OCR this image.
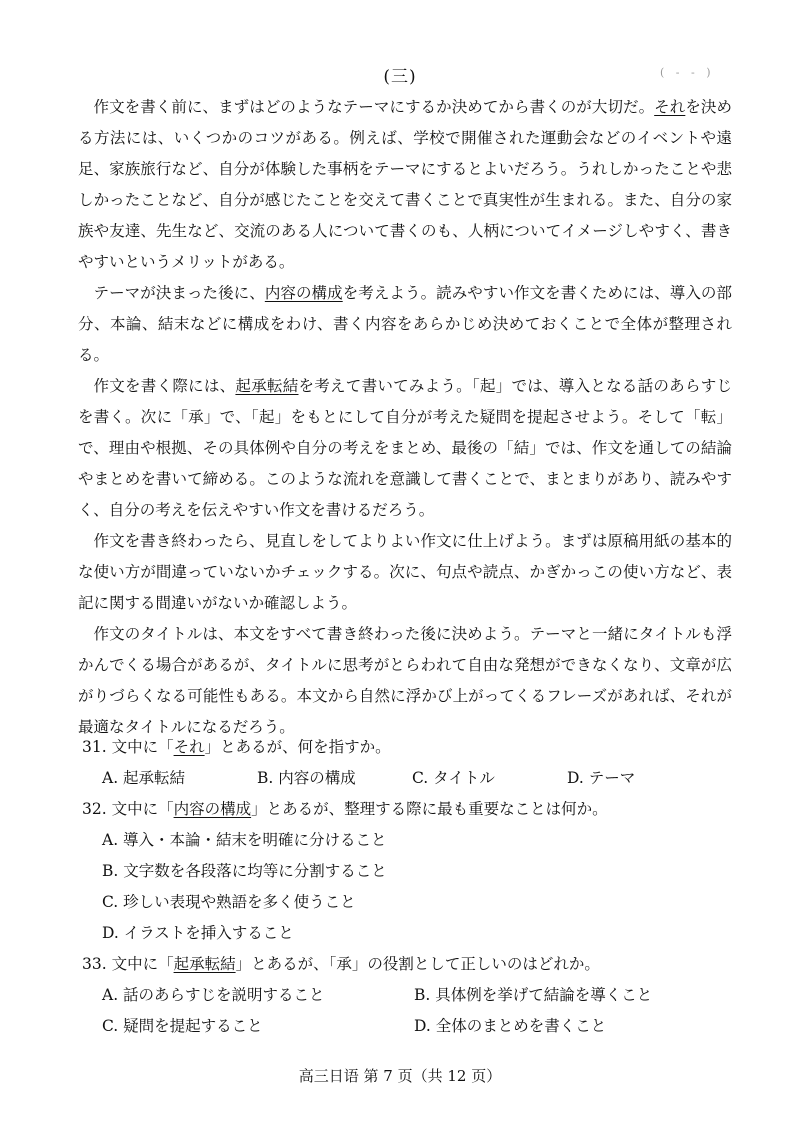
(三)	( - - )

作文を書く前に、まずはどのようなテーマにするか決めてから書くのが大切だ。それを決める方法には、いくつかのコツがある。例えば、学校で開催された運動会などのイベントや遠足、家族旅行など、自分が体験した事柄をテーマにするとよいだろう。うれしかったことや悲しかったことなど、自分が感じたことを交えて書くことで真実性が生まれる。また、自分の家族や友達、先生など、交流のある人について書くのも、人柄についてイメージしやすく、書きやすいというメリットがある。

テーマが決まった後に、内容の構成を考えよう。読みやすい作文を書くためには、導入の部分、本論、結末などに構成をわけ、書く内容をあらかじめ決めておくことで全体が整理される。

作文を書く際には、起承転結を考えて書いてみよう。「起」では、導入となる話のあらすじを書く。次に「承」で、「起」をもとにして自分が考えた疑問を提起させよう。そして「転」で、理由や根拠、その具体例や自分の考えをまとめ、最後の「結」では、作文を通しての結論やまとめを書いて締める。このような流れを意識して書くことで、まとまりがあり、読みやすく、自分の考えを伝えやすい作文を書けるだろう。

作文を書き終わったら、見直しをしてよりよい作文に仕上げよう。まずは原稿用紙の基本的な使い方が間違っていないかチェックする。次に、句点や読点、かぎかっこの使い方など、表記に関する間違いがないか確認しよう。

作文のタイトルは、本文をすべて書き終わった後に決めよう。テーマと一緒にタイトルも浮かんでくる場合があるが、タイトルに思考がとらわれて自由な発想ができなくなり、文章が広がりづらくなる可能性もある。本文から自然に浮かび上がってくるフレーズがあれば、それが最適なタイトルになるだろう。

31. 文中に「それ」とあるが、何を指すか。

A. 起承転結	B. 内容の構成	C. タイトル	D. テーマ

32. 文中に「内容の構成」とあるが、整理する際に最も重要なことは何か。

A. 導入・本論・結末を明確に分けること
B. 文字数を各段落に均等に分割すること
C. 珍しい表現や熟語を多く使うこと
D. イラストを挿入すること

33. 文中に「起承転結」とあるが、「承」の役割として正しいのはどれか。

A. 話のあらすじを説明すること	B. 具体例を挙げて結論を導くこと
C. 疑問を提起すること	D. 全体のまとめを書くこと
高三日语 第 7 页（共 12 页）
